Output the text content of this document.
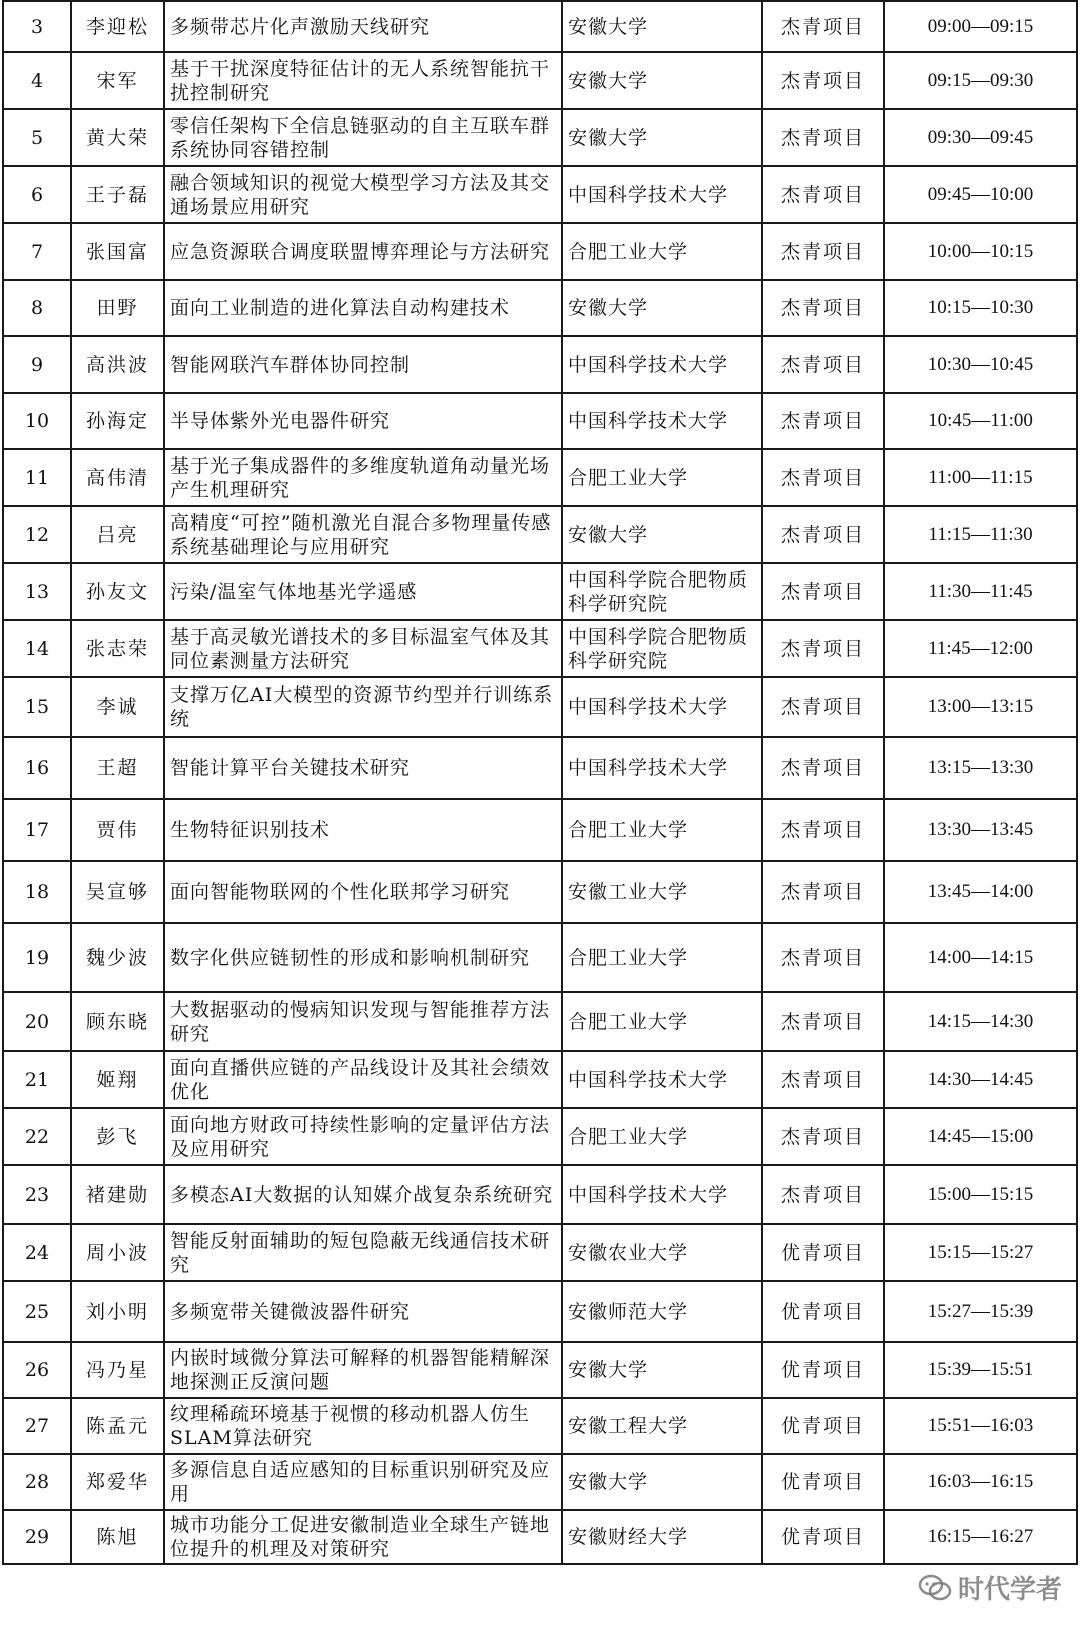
3	李迎松	多频带芯片化声激励天线研究	安徽大学	杰青项目	09:00—09:15
4	宋军	基于干扰深度特征估计的无人系统智能抗干扰控制研究	安徽大学	杰青项目	09:15—09:30
5	黄大荣	零信任架构下全信息链驱动的自主互联车群系统协同容错控制	安徽大学	杰青项目	09:30—09:45
6	王子磊	融合领域知识的视觉大模型学习方法及其交通场景应用研究	中国科学技术大学	杰青项目	09:45—10:00
7	张国富	应急资源联合调度联盟博弈理论与方法研究	合肥工业大学	杰青项目	10:00—10:15
8	田野	面向工业制造的进化算法自动构建技术	安徽大学	杰青项目	10:15—10:30
9	高洪波	智能网联汽车群体协同控制	中国科学技术大学	杰青项目	10:30—10:45
10	孙海定	半导体紫外光电器件研究	中国科学技术大学	杰青项目	10:45—11:00
11	高伟清	基于光子集成器件的多维度轨道角动量光场产生机理研究	合肥工业大学	杰青项目	11:00—11:15
12	吕亮	高精度“可控”随机激光自混合多物理量传感系统基础理论与应用研究	安徽大学	杰青项目	11:15—11:30
13	孙友文	污染/温室气体地基光学遥感	中国科学院合肥物质科学研究院	杰青项目	11:30—11:45
14	张志荣	基于高灵敏光谱技术的多目标温室气体及其同位素测量方法研究	中国科学院合肥物质科学研究院	杰青项目	11:45—12:00
15	李诚	支撑万亿AI大模型的资源节约型并行训练系统	中国科学技术大学	杰青项目	13:00—13:15
16	王超	智能计算平台关键技术研究	中国科学技术大学	杰青项目	13:15—13:30
17	贾伟	生物特征识别技术	合肥工业大学	杰青项目	13:30—13:45
18	吴宣够	面向智能物联网的个性化联邦学习研究	安徽工业大学	杰青项目	13:45—14:00
19	魏少波	数字化供应链韧性的形成和影响机制研究	合肥工业大学	杰青项目	14:00—14:15
20	顾东晓	大数据驱动的慢病知识发现与智能推荐方法研究	合肥工业大学	杰青项目	14:15—14:30
21	姬翔	面向直播供应链的产品线设计及其社会绩效优化	中国科学技术大学	杰青项目	14:30—14:45
22	彭飞	面向地方财政可持续性影响的定量评估方法及应用研究	合肥工业大学	杰青项目	14:45—15:00
23	褚建勋	多模态AI大数据的认知媒介战复杂系统研究	中国科学技术大学	杰青项目	15:00—15:15
24	周小波	智能反射面辅助的短包隐蔽无线通信技术研究	安徽农业大学	优青项目	15:15—15:27
25	刘小明	多频宽带关键微波器件研究	安徽师范大学	优青项目	15:27—15:39
26	冯乃星	内嵌时域微分算法可解释的机器智能精解深地探测正反演问题	安徽大学	优青项目	15:39—15:51
27	陈孟元	纹理稀疏环境基于视惯的移动机器人仿生SLAM算法研究	安徽工程大学	优青项目	15:51—16:03
28	郑爱华	多源信息自适应感知的目标重识别研究及应用	安徽大学	优青项目	16:03—16:15
29	陈旭	城市功能分工促进安徽制造业全球生产链地位提升的机理及对策研究	安徽财经大学	优青项目	16:15—16:27
时代学者
